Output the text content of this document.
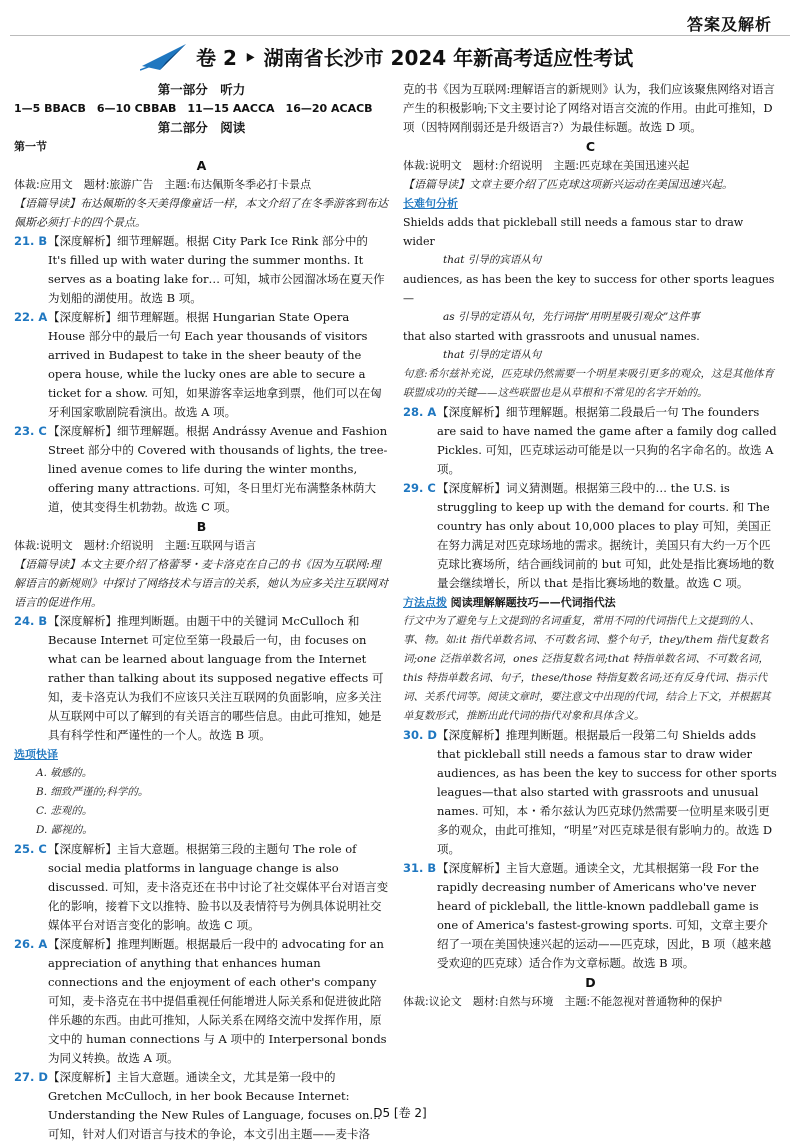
答案及解析
卷 2 ‣ 湖南省长沙市 2024 年新高考适应性考试
第一部分　听力
1—5 BBACB　6—10 CBBAB　11—15 AACCA　16—20 ACACB
第二部分　阅读
第一节
A
体裁:应用文　题材:旅游广告　主题:布达佩斯冬季必打卡景点
【语篇导读】布达佩斯的冬天美得像童话一样，本文介绍了在冬季游客到布达佩斯必须打卡的四个景点。
21. B 【深度解析】细节理解题。根据 City Park Ice Rink 部分中的 It's filled up with water during the summer months. It serves as a boating lake for… 可知，城市公园溜冰场在夏天作为划船的湖使用。故选 B 项。
22. A 【深度解析】细节理解题。根据 Hungarian State Opera House 部分中的最后一句 Each year thousands of visitors arrived in Budapest to take in the sheer beauty of the opera house, while the lucky ones are able to secure a ticket for a show. 可知，如果游客幸运地拿到票，他们可以在匈牙利国家歌剧院看演出。故选 A 项。
23. C 【深度解析】细节理解题。根据 Andrássy Avenue and Fashion Street 部分中的 Covered with thousands of lights, the tree-lined avenue comes to life during the winter months, offering many attractions. 可知，冬日里灯光布满整条林荫大道，使其变得生机勃勃。故选 C 项。
B
体裁:说明文　题材:介绍说明　主题:互联网与语言
【语篇导读】本文主要介绍了格蕾琴・麦卡洛克在自己的书《因为互联网:理解语言的新规则》中探讨了网络技术与语言的关系，她认为应多关注互联网对语言的促进作用。
24. B 【深度解析】推理判断题。由题干中的关键词 McCulloch 和 Because Internet 可定位至第一段最后一句，由 focuses on what can be learned about language from the Internet rather than talking about its supposed negative effects 可知，麦卡洛克认为我们不应该只关注互联网的负面影响，应多关注从互联网中可以了解到的有关语言的哪些信息。由此可推知，她是具有科学性和严谨性的一个人。故选 B 项。
选项快译
A. 敏感的。
B. 细致严谨的;科学的。
C. 悲观的。
D. 鄙视的。
25. C 【深度解析】主旨大意题。根据第三段的主题句 The role of social media platforms in language change is also discussed. 可知，麦卡洛克还在书中讨论了社交媒体平台对语言变化的影响，接着下文以推特、脸书以及表情符号为例具体说明社交媒体平台对语言变化的影响。故选 C 项。
26. A 【深度解析】推理判断题。根据最后一段中的 advocating for an appreciation of anything that enhances human connections and the enjoyment of each other's company 可知，麦卡洛克在书中提倡重视任何能增进人际关系和促进彼此陪伴乐趣的东西。由此可推知，人际关系在网络交流中发挥作用，原文中的 human connections 与 A 项中的 Interpersonal bonds 为同义转换。故选 A 项。
27. D 【深度解析】主旨大意题。通读全文，尤其是第一段中的 Gretchen McCulloch, in her book Because Internet: Understanding the New Rules of Language, focuses on… 可知，针对人们对语言与技术的争论，本文引出主题——麦卡洛
克的书《因为互联网:理解语言的新规则》认为，我们应该聚焦网络对语言产生的积极影响;下文主要讨论了网络对语言交流的作用。由此可推知，D 项（因特网削弱还是升级语言?）为最佳标题。故选 D 项。
C
体裁:说明文　题材:介绍说明　主题:匹克球在美国迅速兴起
【语篇导读】文章主要介绍了匹克球这项新兴运动在美国迅速兴起。
长难句分析
Shields adds that pickleball still needs a famous star to draw wider
that 引导的宾语从句
audiences, as has been the key to success for other sports leagues—
as 引导的定语从句，先行词指“用明星吸引观众”这件事
that also started with grassroots and unusual names.
that 引导的定语从句
句意:希尔兹补充说，匹克球仍然需要一个明星来吸引更多的观众，这是其他体育联盟成功的关键——这些联盟也是从草根和不常见的名字开始的。
28. A 【深度解析】细节理解题。根据第二段最后一句 The founders are said to have named the game after a family dog called Pickles. 可知，匹克球运动可能是以一只狗的名字命名的。故选 A 项。
29. C 【深度解析】词义猜测题。根据第三段中的… the U.S. is struggling to keep up with the demand for courts. 和 The country has only about 10,000 places to play 可知，美国正在努力满足对匹克球场地的需求。据统计，美国只有大约一万个匹克球比赛场所，结合画线词前的 but 可知，此处是指比赛场地的数量会继续增长，所以 that 是指比赛场地的数量。故选 C 项。
方法点拨 阅读理解解题技巧——代词指代法
行文中为了避免与上文提到的名词重复，常用不同的代词指代上文提到的人、事、物。如:it 指代单数名词、不可数名词、整个句子，they/them 指代复数名词;one 泛指单数名词，ones 泛指复数名词;that 特指单数名词、不可数名词，this 特指单数名词、句子，these/those 特指复数名词;还有反身代词、指示代词、关系代词等。阅读文章时，要注意文中出现的代词，结合上下文，并根据其单复数形式，推断出此代词的指代对象和具体含义。
30. D 【深度解析】推理判断题。根据最后一段第二句 Shields adds that pickleball still needs a famous star to draw wider audiences, as has been the key to success for other sports leagues—that also started with grassroots and unusual names. 可知，本・希尔兹认为匹克球仍然需要一位明星来吸引更多的观众，由此可推知，“明星”对匹克球是很有影响力的。故选 D 项。
31. B 【深度解析】主旨大意题。通读全文，尤其根据第一段 For the rapidly decreasing number of Americans who've never heard of pickleball, the little-known paddleball game is one of America's fastest-growing sports. 可知，文章主要介绍了一项在美国快速兴起的运动——匹克球，因此，B 项（越来越受欢迎的匹克球）适合作为文章标题。故选 B 项。
D
体裁:议论文　题材:自然与环境　主题:不能忽视对普通物种的保护
D5 [卷 2]
